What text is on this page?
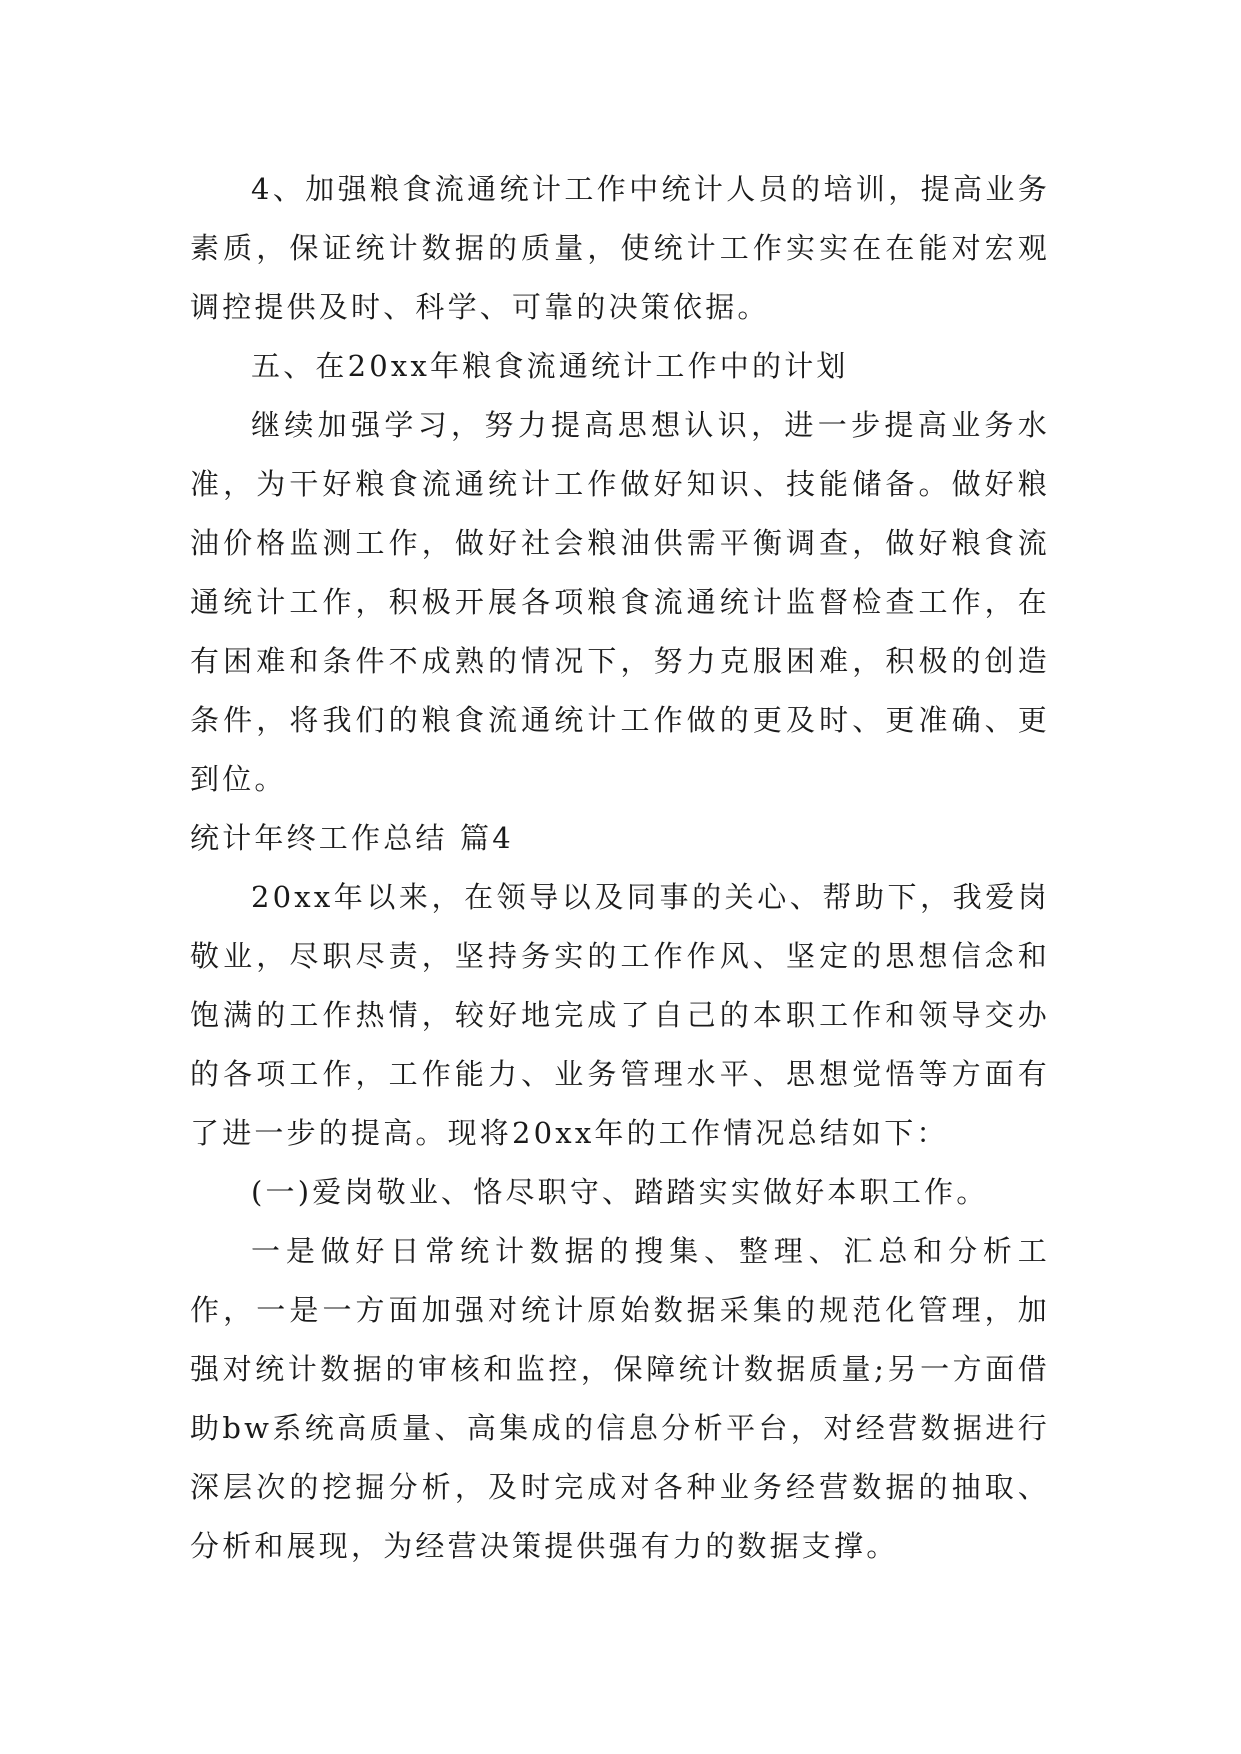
4、加强粮食流通统计工作中统计人员的培训，提高业务素质，保证统计数据的质量，使统计工作实实在在能对宏观调控提供及时、科学、可靠的决策依据。

五、在20xx年粮食流通统计工作中的计划

继续加强学习，努力提高思想认识，进一步提高业务水准，为干好粮食流通统计工作做好知识、技能储备。做好粮油价格监测工作，做好社会粮油供需平衡调查，做好粮食流通统计工作，积极开展各项粮食流通统计监督检查工作，在有困难和条件不成熟的情况下，努力克服困难，积极的创造条件，将我们的粮食流通统计工作做的更及时、更准确、更到位。

统计年终工作总结 篇4

20xx年以来，在领导以及同事的关心、帮助下，我爱岗敬业，尽职尽责，坚持务实的工作作风、坚定的思想信念和饱满的工作热情，较好地完成了自己的本职工作和领导交办的各项工作，工作能力、业务管理水平、思想觉悟等方面有了进一步的提高。现将20xx年的工作情况总结如下：

(一)爱岗敬业、恪尽职守、踏踏实实做好本职工作。

一是做好日常统计数据的搜集、整理、汇总和分析工作，一是一方面加强对统计原始数据采集的规范化管理，加强对统计数据的审核和监控，保障统计数据质量;另一方面借助bw系统高质量、高集成的信息分析平台，对经营数据进行深层次的挖掘分析，及时完成对各种业务经营数据的抽取、分析和展现，为经营决策提供强有力的数据支撑。
